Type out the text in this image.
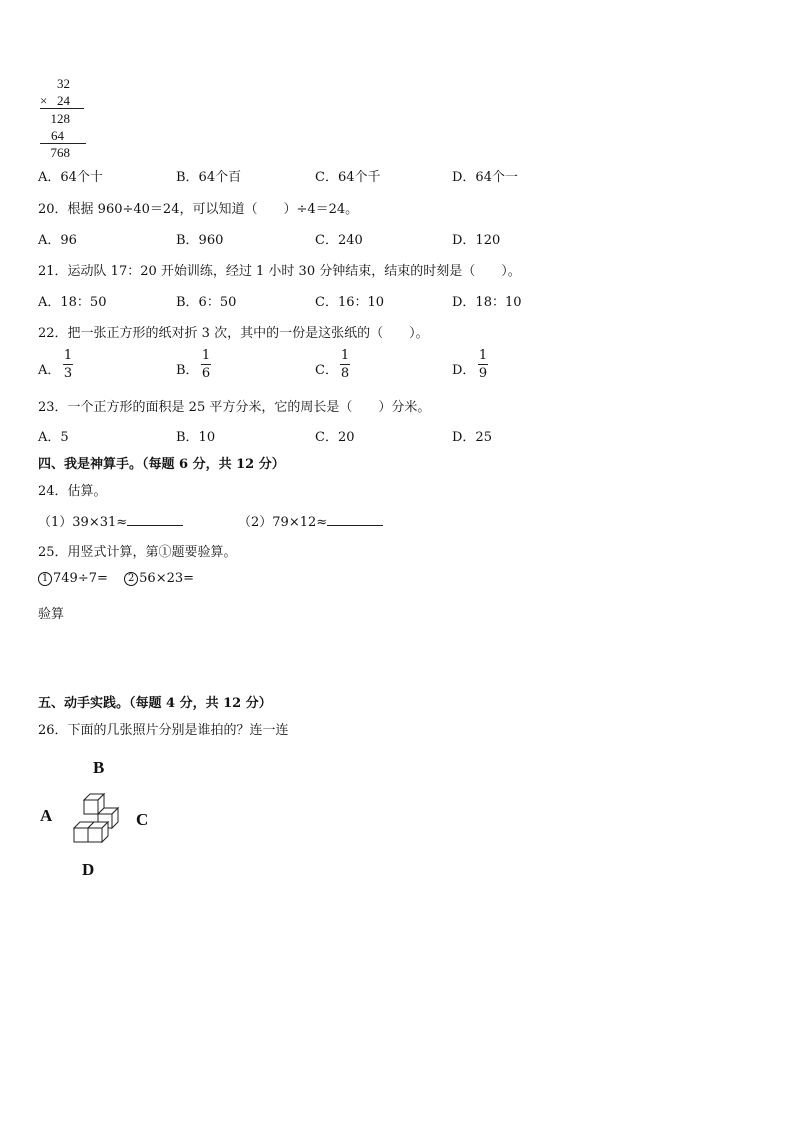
32
× 24
128
64
768
A．64个十	B．64个百	C．64个千	D．64个一
20．根据 960÷40＝24，可以知道（　　）÷4＝24。
A．96	B．960	C．240	D．120
21．运动队 17：20 开始训练，经过 1 小时 30 分钟结束，结束的时刻是（　　）。
A．18：50	B．6：50	C．16：10	D．18：10
22．把一张正方形的纸对折 3 次，其中的一份是这张纸的（　　）。
A．
1
3	B．
1
6	C．
1
8	D．
1
9
23．一个正方形的面积是 25 平方分米，它的周长是（　　）分米。
A．5	B．10	C．20	D．25
四、我是神算手。（每题 6 分，共 12 分）
24．估算。
（1）39×31≈	（2）79×12≈
25．用竖式计算，第①题要验算。
1 749÷7= 2 56×23=
验算
五、动手实践。（每题 4 分，共 12 分）
26．下面的几张照片分别是谁拍的？连一连
B
A	C
D
